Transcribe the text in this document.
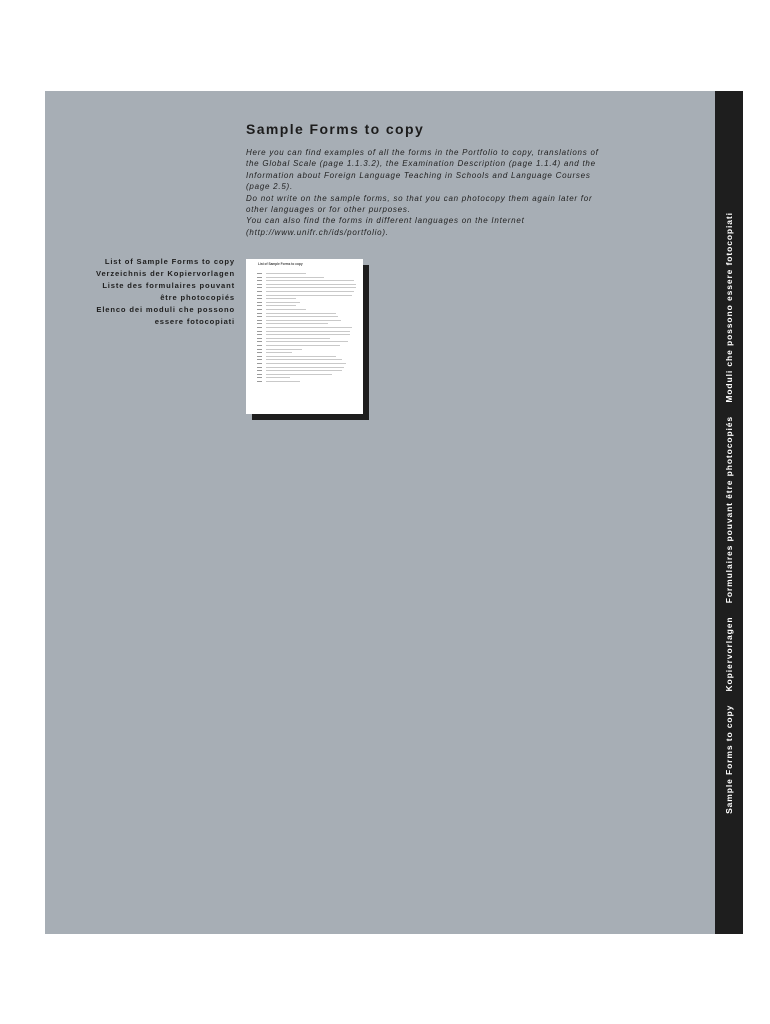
Sample Forms to copy Kopiervorlagen Formulaires pouvant être photocopiés Moduli che possono essere fotocopiati
Sample Forms to copy

Here you can find examples of all the forms in the Portfolio to copy, translations of the Global Scale (page 1.1.3.2), the Examination Description (page 1.1.4) and the Information about Foreign Language Teaching in Schools and Language Courses (page 2.5).

Do not write on the sample forms, so that you can photocopy them again later for other languages or for other purposes.

You can also find the forms in different languages on the Internet (http://www.unifr.ch/ids/portfolio).

List of Sample Forms to copy
Verzeichnis der Kopiervorlagen
Liste des formulaires pouvant être photocopiés
Elenco dei moduli che possono essere fotocopiati
List of Sample Forms to copy
